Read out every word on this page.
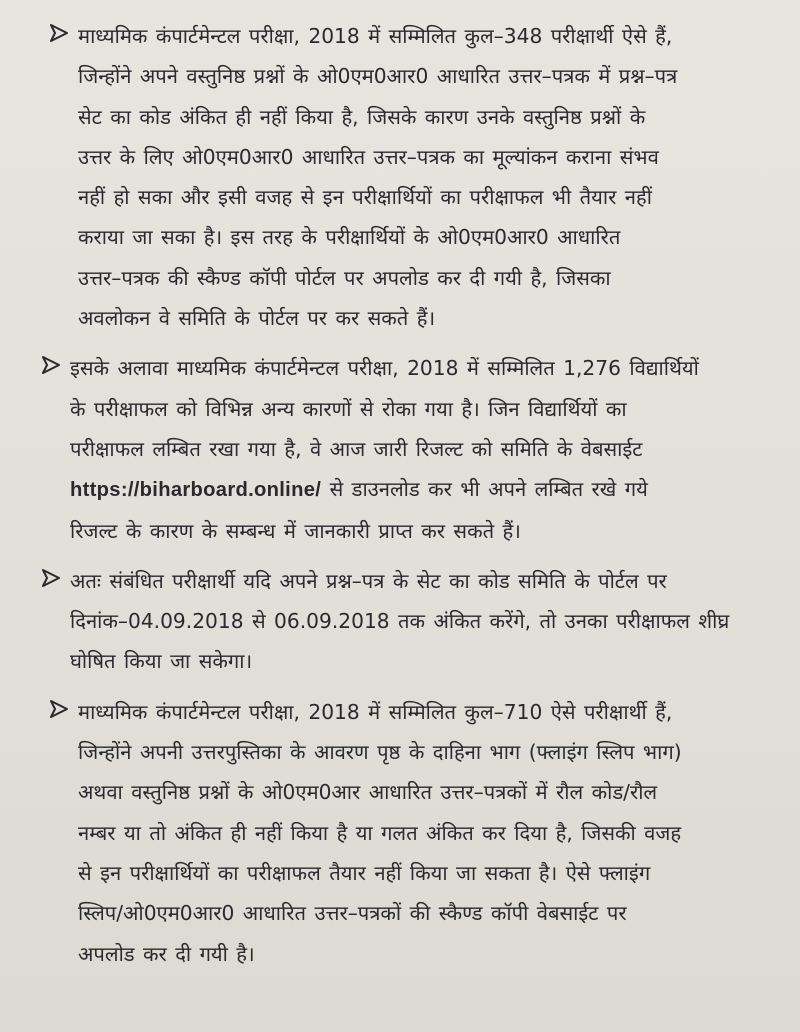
माध्यमिक कंपार्टमेन्टल परीक्षा, 2018 में सम्मिलित कुल–348 परीक्षार्थी ऐसे हैं,
जिन्होंने अपने वस्तुनिष्ठ प्रश्नों के ओ0एम0आर0 आधारित उत्तर–पत्रक में प्रश्न–पत्र
सेट का कोड अंकित ही नहीं किया है, जिसके कारण उनके वस्तुनिष्ठ प्रश्नों के
उत्तर के लिए ओ0एम0आर0 आधारित उत्तर–पत्रक का मूल्यांकन कराना संभव
नहीं हो सका और इसी वजह से इन परीक्षार्थियों का परीक्षाफल भी तैयार नहीं
कराया जा सका है। इस तरह के परीक्षार्थियों के ओ0एम0आर0 आधारित
उत्तर–पत्रक की स्कैण्ड कॉपी पोर्टल पर अपलोड कर दी गयी है, जिसका
अवलोकन वे समिति के पोर्टल पर कर सकते हैं।

इसके अलावा माध्यमिक कंपार्टमेन्टल परीक्षा, 2018 में सम्मिलित 1,276 विद्यार्थियों
के परीक्षाफल को विभिन्न अन्य कारणों से रोका गया है। जिन विद्यार्थियों का
परीक्षाफल लम्बित रखा गया है, वे आज जारी रिजल्ट को समिति के वेबसाईट
https://biharboard.online/ से डाउनलोड कर भी अपने लम्बित रखे गये
रिजल्ट के कारण के सम्बन्ध में जानकारी प्राप्त कर सकते हैं।

अतः संबंधित परीक्षार्थी यदि अपने प्रश्न–पत्र के सेट का कोड समिति के पोर्टल पर
दिनांक–04.09.2018 से 06.09.2018 तक अंकित करेंगे, तो उनका परीक्षाफल शीघ्र
घोषित किया जा सकेगा।

माध्यमिक कंपार्टमेन्टल परीक्षा, 2018 में सम्मिलित कुल–710 ऐसे परीक्षार्थी हैं,
जिन्होंने अपनी उत्तरपुस्तिका के आवरण पृष्ठ के दाहिना भाग (फ्लाइंग स्लिप भाग)
अथवा वस्तुनिष्ठ प्रश्नों के ओ0एम0आर आधारित उत्तर–पत्रकों में रौल कोड/रौल
नम्बर या तो अंकित ही नहीं किया है या गलत अंकित कर दिया है, जिसकी वजह
से इन परीक्षार्थियों का परीक्षाफल तैयार नहीं किया जा सकता है। ऐसे फ्लाइंग
स्लिप/ओ0एम0आर0 आधारित उत्तर–पत्रकों की स्कैण्ड कॉपी वेबसाईट पर
अपलोड कर दी गयी है।
